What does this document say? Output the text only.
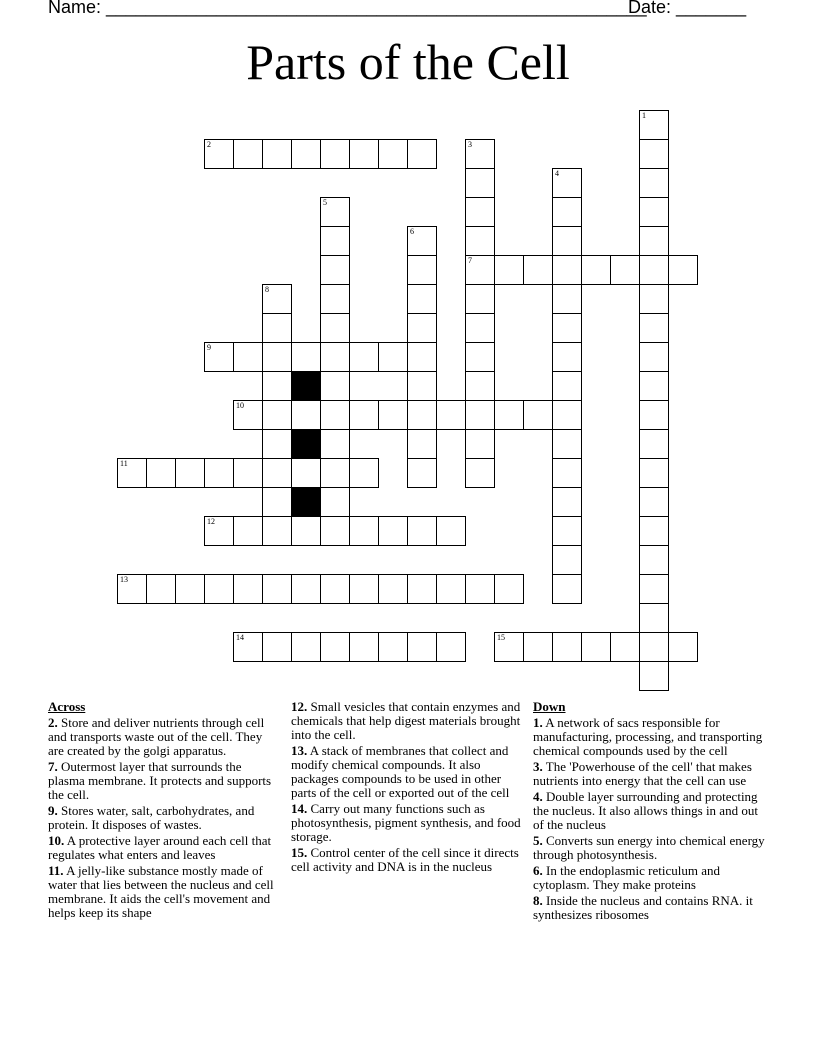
Name: ______________________________________________________
Date: _______
Parts of the Cell
1
2	3
7
4
5
6
8
9
10
11
12
13
14	15
Across
2. Store and deliver nutrients through cell and transports waste out of the cell. They are created by the golgi apparatus.
7. Outermost layer that surrounds the plasma membrane. It protects and supports the cell.
9. Stores water, salt, carbohydrates, and protein. It disposes of wastes.
10. A protective layer around each cell that regulates what enters and leaves
11. A jelly-like substance mostly made of water that lies between the nucleus and cell membrane. It aids the cell's movement and helps keep its shape
12. Small vesicles that contain enzymes and chemicals that help digest materials brought into the cell.
13. A stack of membranes that collect and modify chemical compounds. It also packages compounds to be used in other parts of the cell or exported out of the cell
14. Carry out many functions such as photosynthesis, pigment synthesis, and food storage.
15. Control center of the cell since it directs cell activity and DNA is in the nucleus
Down
1. A network of sacs responsible for manufacturing, processing, and transporting chemical compounds used by the cell
3. The 'Powerhouse of the cell' that makes nutrients into energy that the cell can use
4. Double layer surrounding and protecting the nucleus. It also allows things in and out of the nucleus
5. Converts sun energy into chemical energy through photosynthesis.
6. In the endoplasmic reticulum and cytoplasm. They make proteins
8. Inside the nucleus and contains RNA. it synthesizes ribosomes
